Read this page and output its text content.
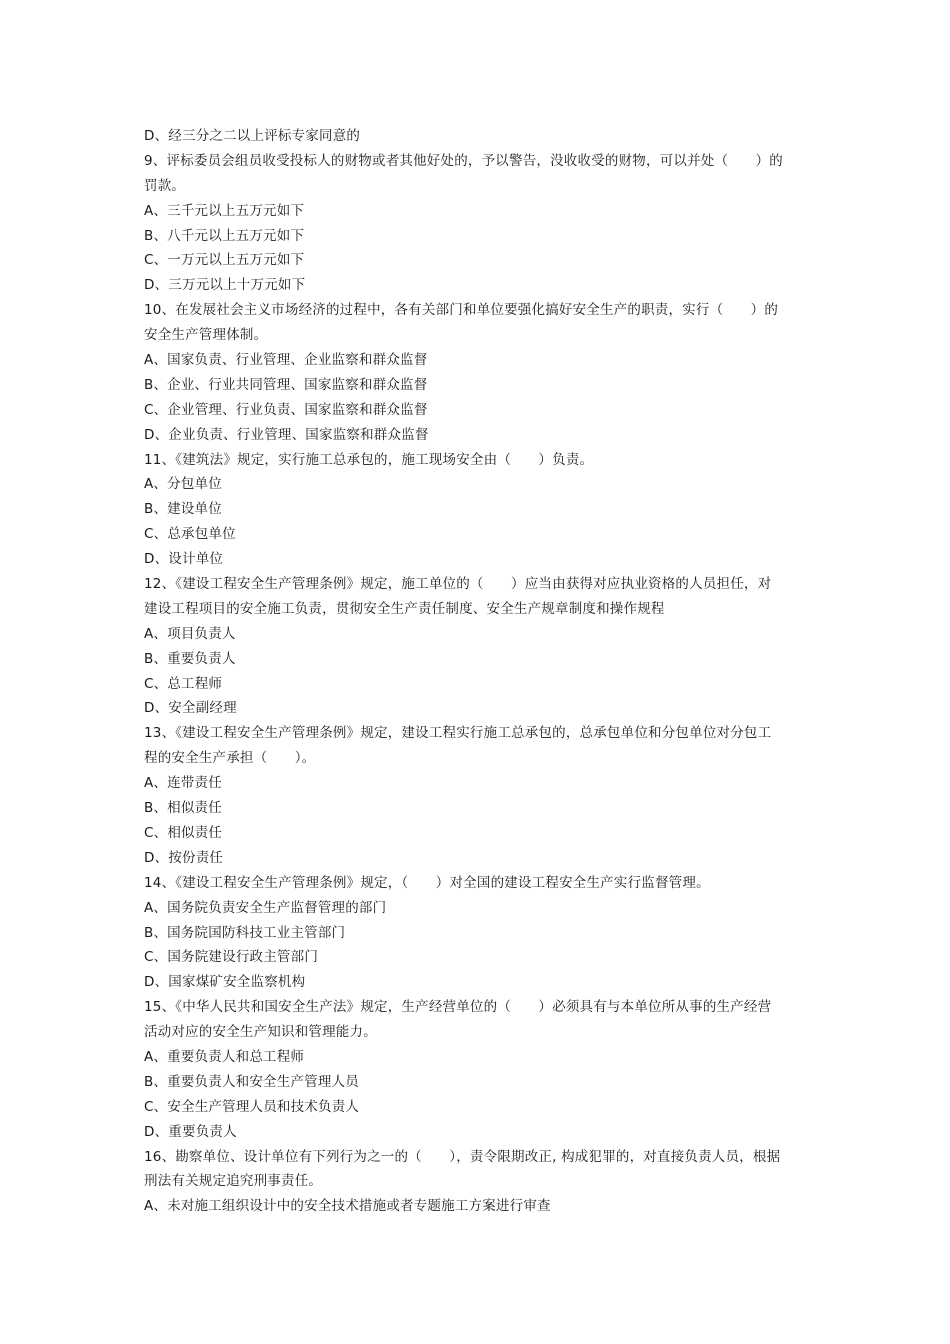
D、经三分之二以上评标专家同意的
9、评标委员会组员收受投标人的财物或者其他好处的，予以警告，没收收受的财物，可以并处（　　）的
罚款。
A、三千元以上五万元如下
B、八千元以上五万元如下
C、一万元以上五万元如下
D、三万元以上十万元如下
10、在发展社会主义市场经济的过程中，各有关部门和单位要强化搞好安全生产的职责，实行（　　）的
安全生产管理体制。
A、国家负责、行业管理、企业监察和群众监督
B、企业、行业共同管理、国家监察和群众监督
C、企业管理、行业负责、国家监察和群众监督
D、企业负责、行业管理、国家监察和群众监督
11、《建筑法》规定，实行施工总承包的，施工现场安全由（　　）负责。
A、分包单位
B、建设单位
C、总承包单位
D、设计单位
12、《建设工程安全生产管理条例》规定，施工单位的（　　）应当由获得对应执业资格的人员担任，对
建设工程项目的安全施工负责，贯彻安全生产责任制度、安全生产规章制度和操作规程
A、项目负责人
B、重要负责人
C、总工程师
D、安全副经理
13、《建设工程安全生产管理条例》规定，建设工程实行施工总承包的，总承包单位和分包单位对分包工
程的安全生产承担（　　）。
A、连带责任
B、相似责任
C、相似责任
D、按份责任
14、《建设工程安全生产管理条例》规定，（　　）对全国的建设工程安全生产实行监督管理。
A、国务院负责安全生产监督管理的部门
B、国务院国防科技工业主管部门
C、国务院建设行政主管部门
D、国家煤矿安全监察机构
15、《中华人民共和国安全生产法》规定，生产经营单位的（　　）必须具有与本单位所从事的生产经营
活动对应的安全生产知识和管理能力。
A、重要负责人和总工程师
B、重要负责人和安全生产管理人员
C、安全生产管理人员和技术负责人
D、重要负责人
16、勘察单位、设计单位有下列行为之一的（　　），责令限期改正, 构成犯罪的，对直接负责人员，根据
刑法有关规定追究刑事责任。
A、未对施工组织设计中的安全技术措施或者专题施工方案进行审查
